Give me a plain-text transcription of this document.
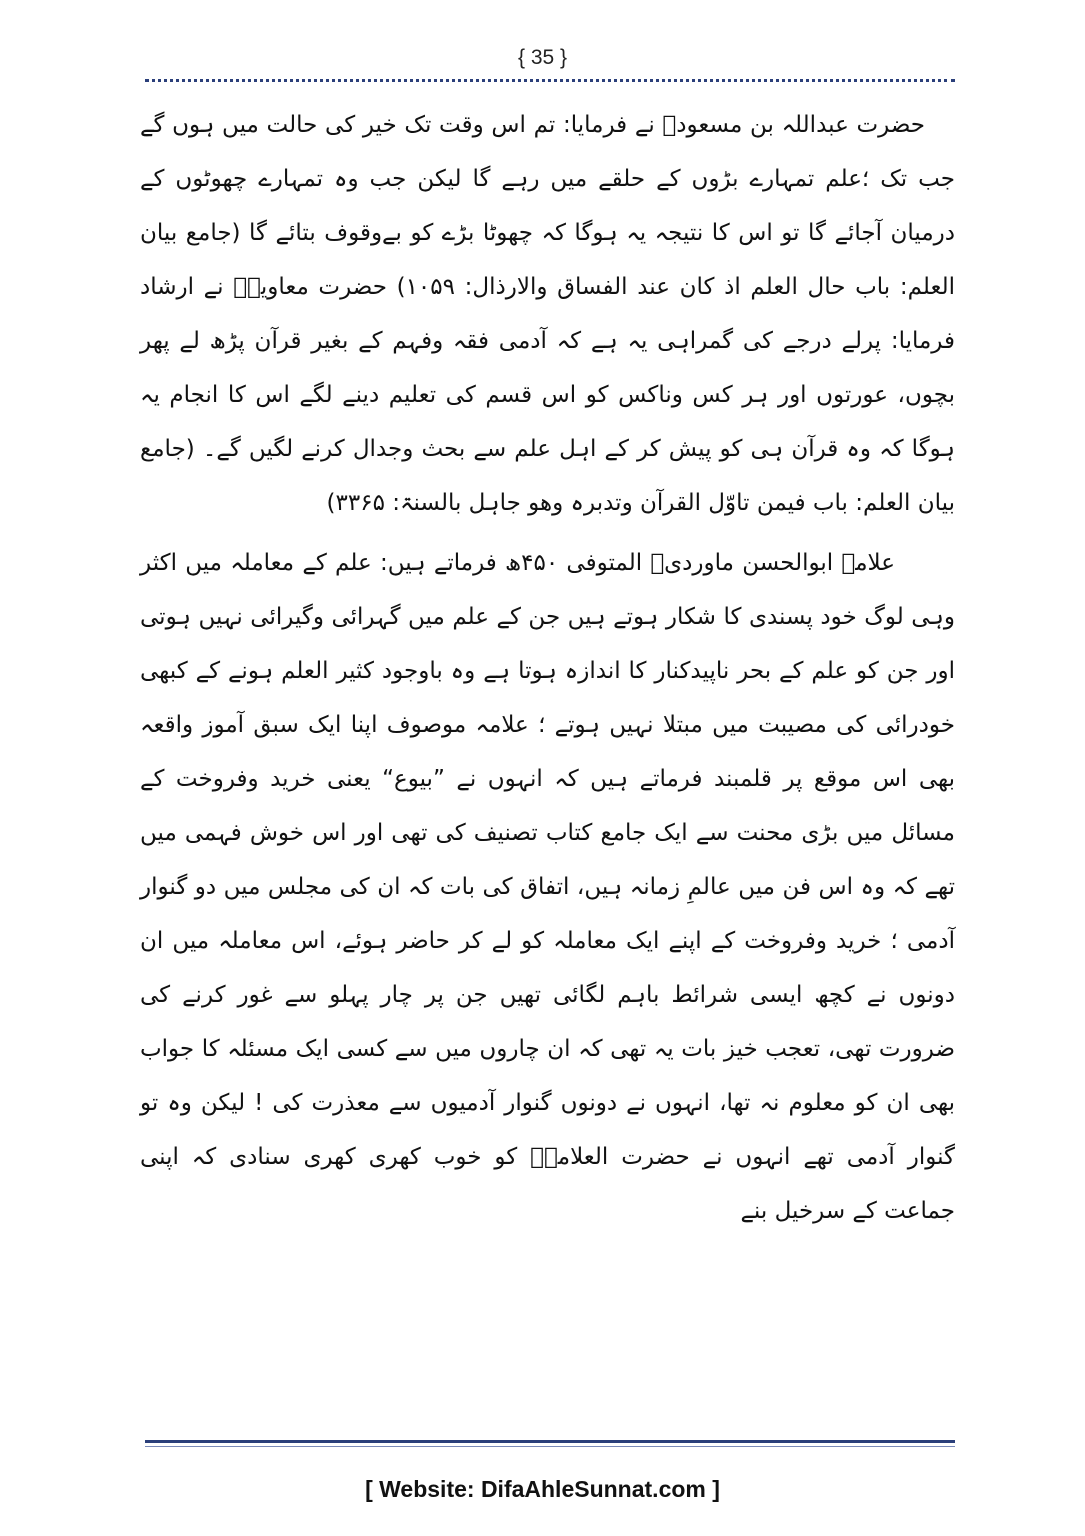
{ 35 }

حضرت عبداللہ بن مسعودؓ نے فرمایا: تم اس وقت تک خیر کی حالت میں ہوں گے جب تک ؛علم تمہارے بڑوں کے حلقے میں رہے گا لیکن جب وہ تمہارے چھوٹوں کے درمیان آجائے گا تو اس کا نتیجہ یہ ہوگا کہ چھوٹا بڑے کو بےوقوف بتائے گا (جامع بیان العلم: باب حال العلم اذ کان عند الفساق والارذال: ۱۰۵۹) حضرت معاویہؓ نے ارشاد فرمایا: پرلے درجے کی گمراہی یہ ہے کہ آدمی فقہ وفہم کے بغیر قرآن پڑھ لے پھر بچوں، عورتوں اور ہر کس وناکس کو اس قسم کی تعلیم دینے لگے اس کا انجام یہ ہوگا کہ وہ قرآن ہی کو پیش کر کے اہل علم سے بحث وجدال کرنے لگیں گے۔ (جامع بیان العلم: باب فیمن تاوّل القرآن وتدبرہ وھو جاہل بالسنۃ: ۳۳۶۵)

علامہ ابوالحسن ماوردیؒ المتوفی ۴۵۰ھ فرماتے ہیں: علم کے معاملہ میں اکثر وہی لوگ خود پسندی کا شکار ہوتے ہیں جن کے علم میں گہرائی وگیرائی نہیں ہوتی اور جن کو علم کے بحر ناپیدکنار کا اندازہ ہوتا ہے وہ باوجود کثیر العلم ہونے کے کبھی خودرائی کی مصیبت میں مبتلا نہیں ہوتے ؛ علامہ موصوف اپنا ایک سبق آموز واقعہ بھی اس موقع پر قلمبند فرماتے ہیں کہ انہوں نے ”بیوع“ یعنی خرید وفروخت کے مسائل میں بڑی محنت سے ایک جامع کتاب تصنیف کی تھی اور اس خوش فہمی میں تھے کہ وہ اس فن میں عالمِ زمانہ ہیں، اتفاق کی بات کہ ان کی مجلس میں دو گنوار آدمی ؛ خرید وفروخت کے اپنے ایک معاملہ کو لے کر حاضر ہوئے، اس معاملہ میں ان دونوں نے کچھ ایسی شرائط باہم لگائی تھیں جن پر چار پہلو سے غور کرنے کی ضرورت تھی، تعجب خیز بات یہ تھی کہ ان چاروں میں سے کسی ایک مسئلہ کا جواب بھی ان کو معلوم نہ تھا، انہوں نے دونوں گنوار آدمیوں سے معذرت کی ! لیکن وہ تو گنوار آدمی تھے انہوں نے حضرت العلامہؒ کو خوب کھری کھری سنادی کہ اپنی جماعت کے سرخیل بنے

[ Website: DifaAhleSunnat.com ]
